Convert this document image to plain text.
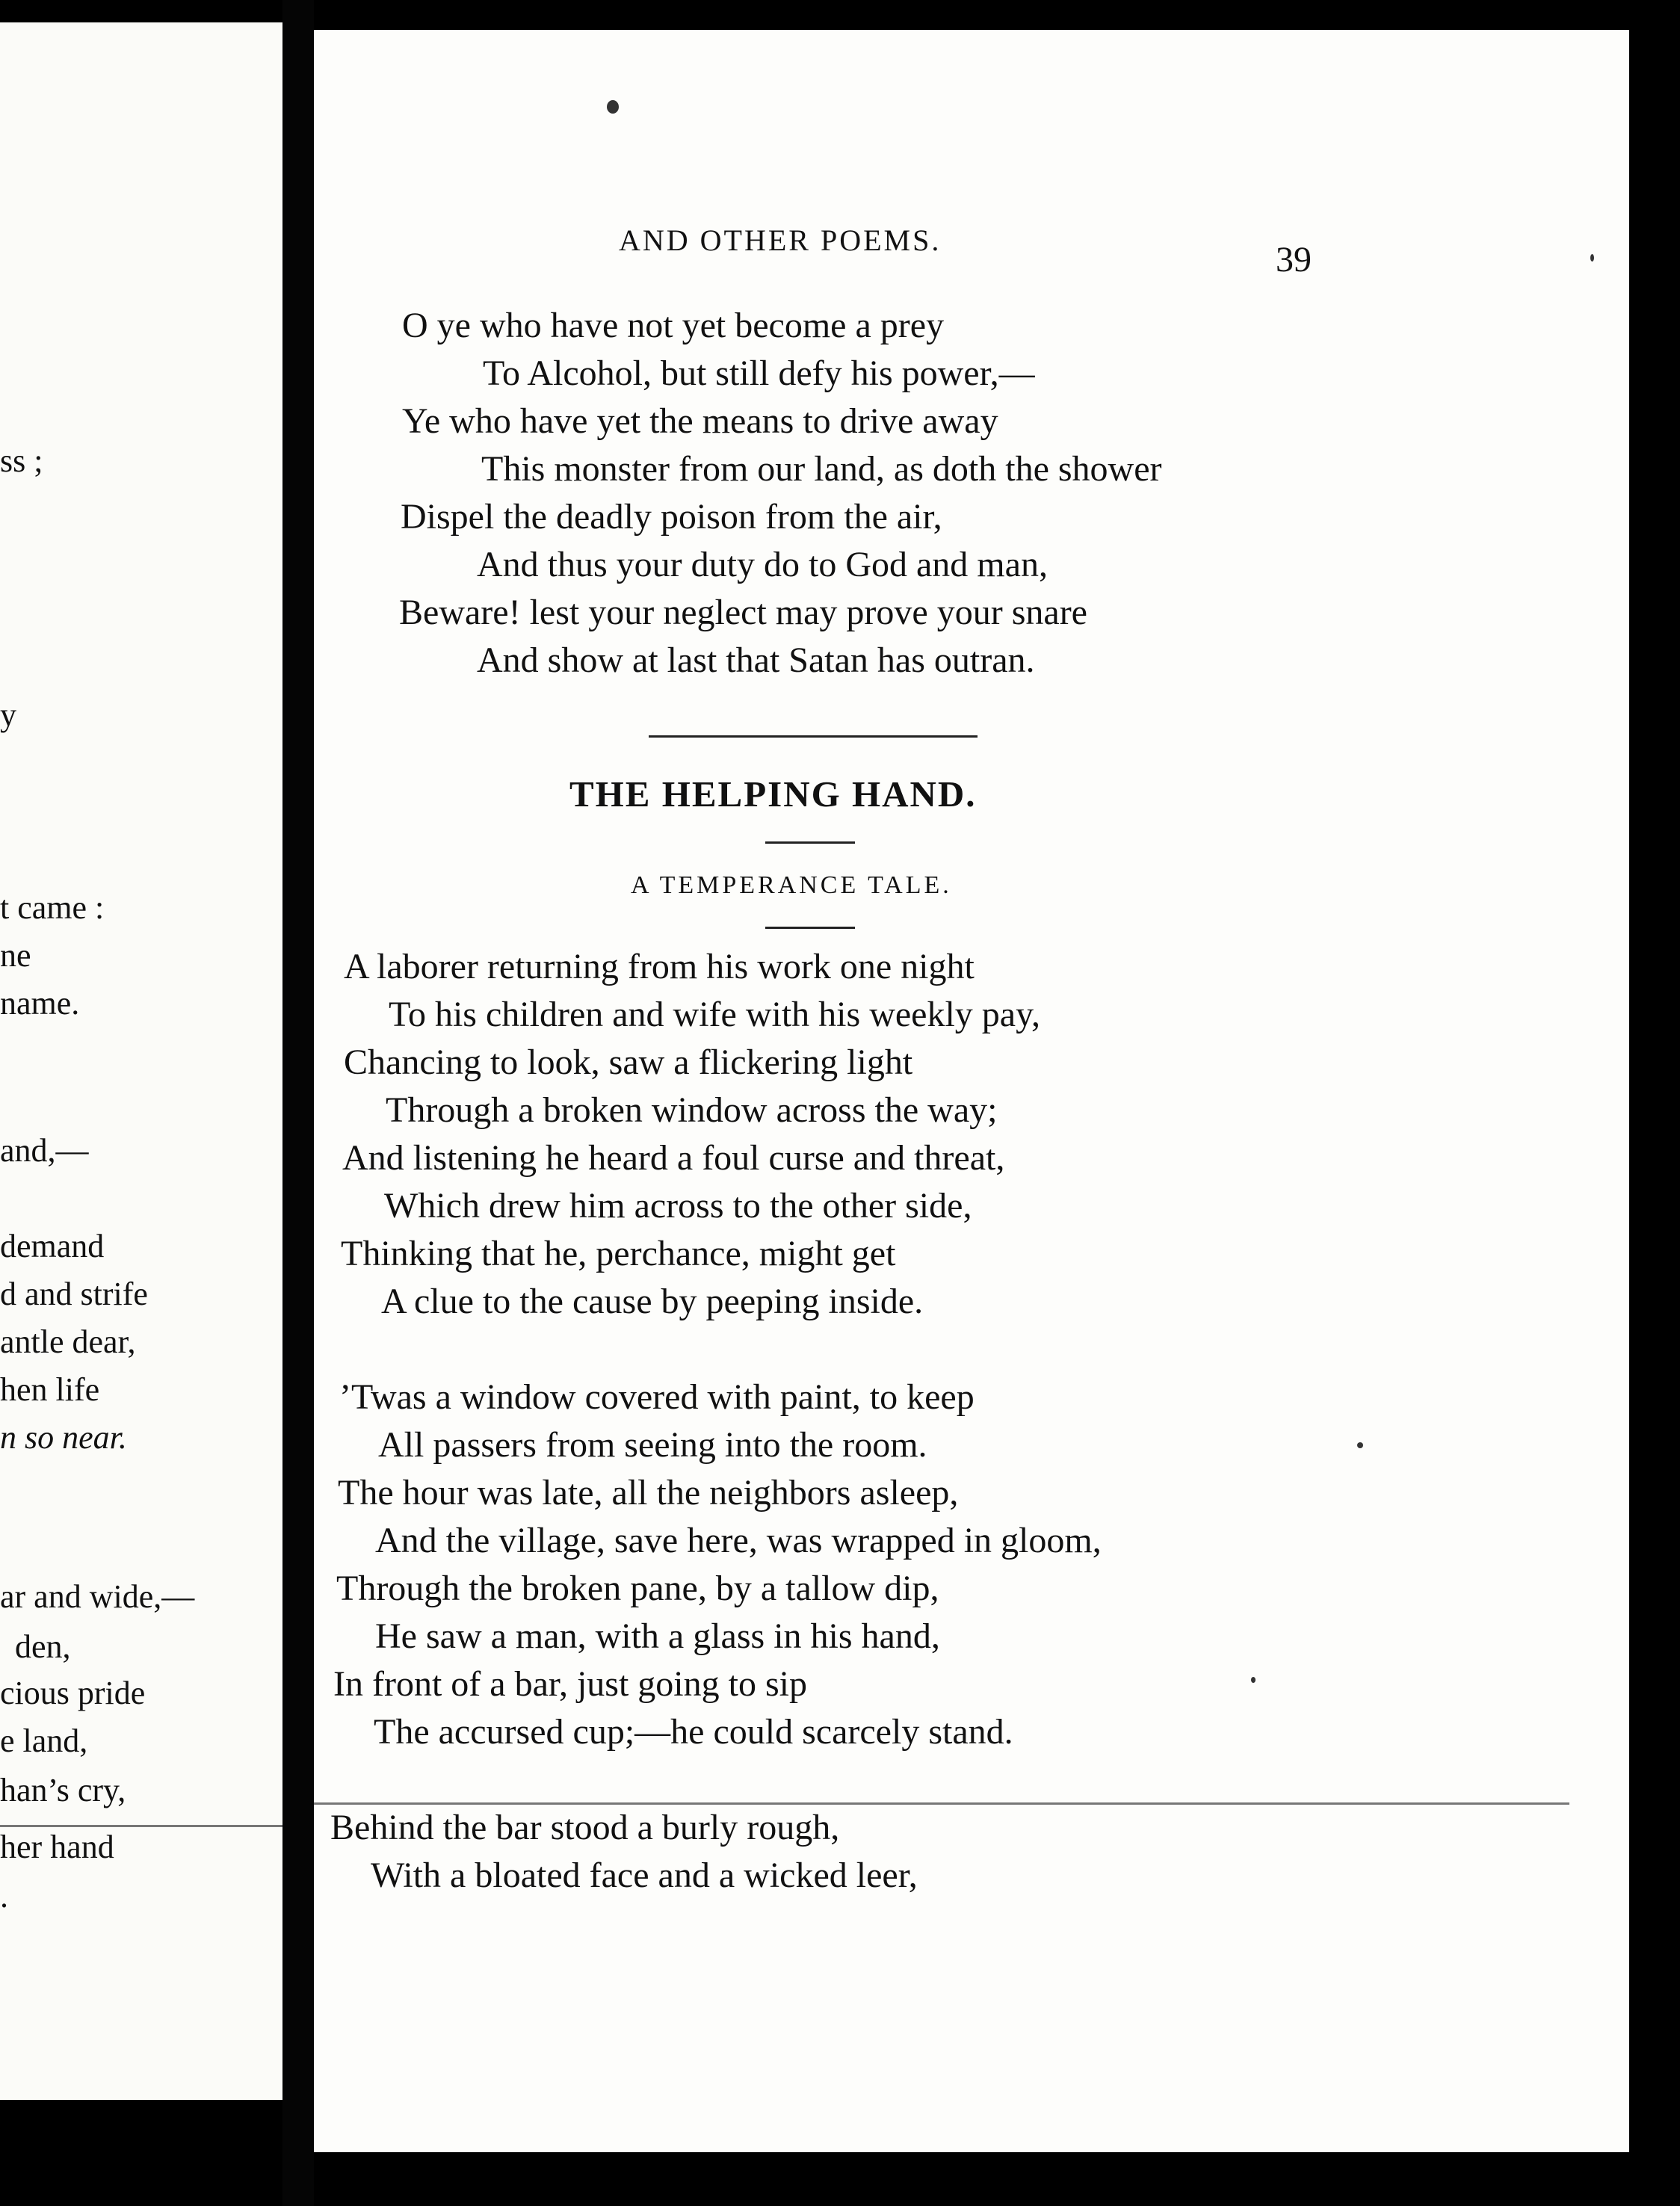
ss ;
y
t came :
ne
name.
and,—
demand
d and strife
antle dear,
hen life
n so near.
ar and wide,—
den,
cious pride
e land,
han’s cry,
her hand
.
AND OTHER POEMS.	39
O ye who have not yet become a prey
To Alcohol, but still defy his power,—
Ye who have yet the means to drive away
This monster from our land, as doth the shower
Dispel the deadly poison from the air,
And thus your duty do to God and man,
Beware! lest your neglect may prove your snare
And show at last that Satan has outran.
THE HELPING HAND.
A TEMPERANCE TALE.
A laborer returning from his work one night
To his children and wife with his weekly pay,
Chancing to look, saw a flickering light
Through a broken window across the way;
And listening he heard a foul curse and threat,
Which drew him across to the other side,
Thinking that he, perchance, might get
A clue to the cause by peeping inside.
’Twas a window covered with paint, to keep
All passers from seeing into the room.
The hour was late, all the neighbors asleep,
And the village, save here, was wrapped in gloom,
Through the broken pane, by a tallow dip,
He saw a man, with a glass in his hand,
In front of a bar, just going to sip
The accursed cup;—he could scarcely stand.
Behind the bar stood a burly rough,
With a bloated face and a wicked leer,
